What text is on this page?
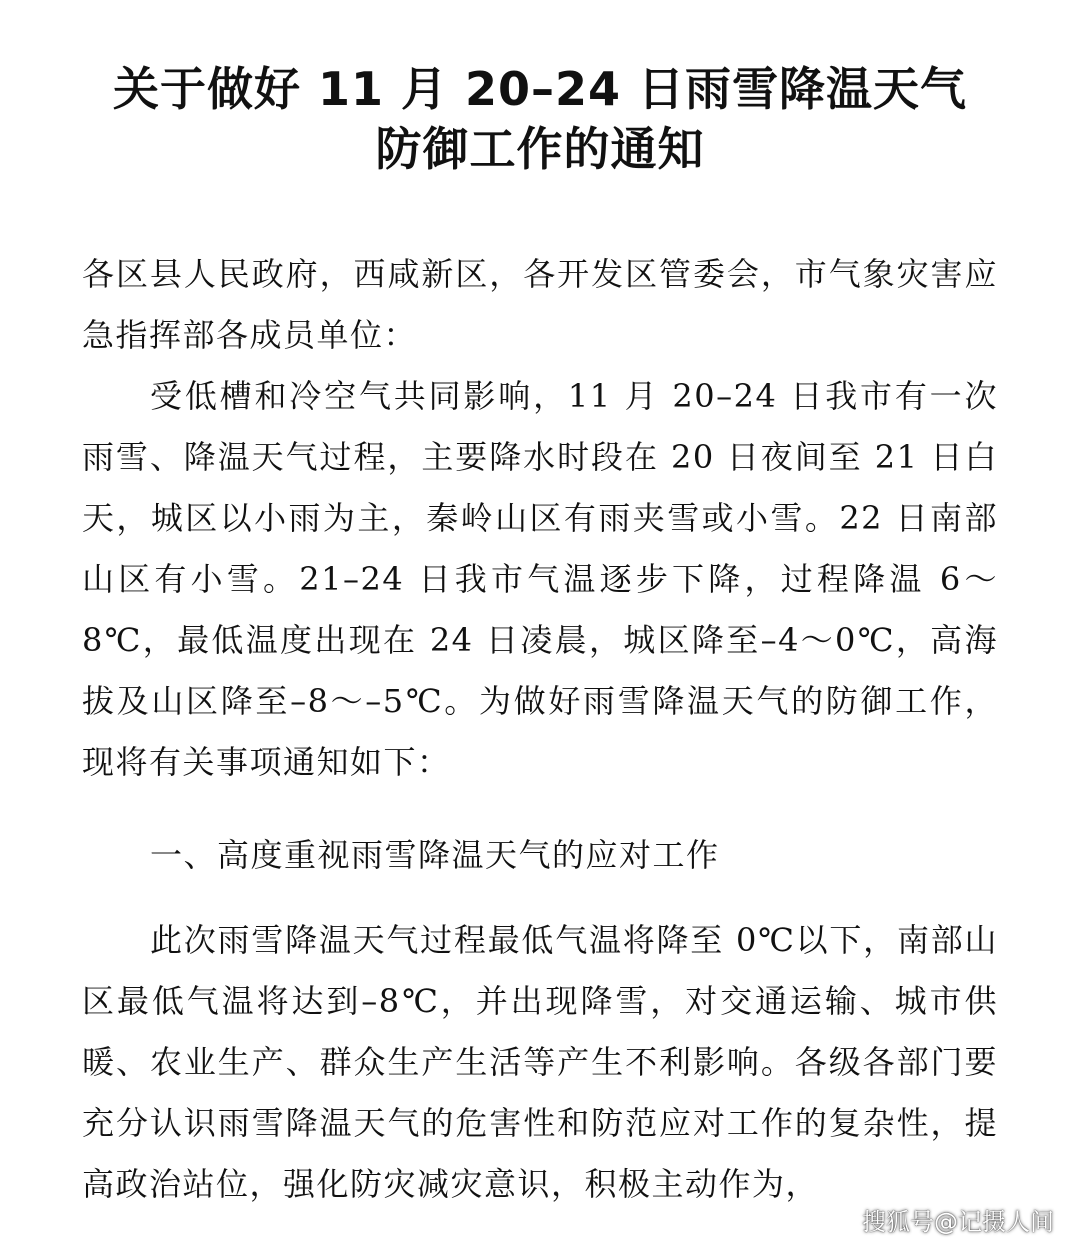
关于做好 11 月 20–24 日雨雪降温天气
防御工作的通知
各区县人民政府，西咸新区，各开发区管委会，市气象灾害应急指挥部各成员单位：
受低槽和冷空气共同影响，11 月 20–24 日我市有一次雨雪、降温天气过程，主要降水时段在 20 日夜间至 21 日白天，城区以小雨为主，秦岭山区有雨夹雪或小雪。22 日南部山区有小雪。21–24 日我市气温逐步下降，过程降温 6～8℃，最低温度出现在 24 日凌晨，城区降至–4～0℃，高海拔及山区降至–8～–5℃。为做好雨雪降温天气的防御工作，现将有关事项通知如下：
一、高度重视雨雪降温天气的应对工作
此次雨雪降温天气过程最低气温将降至 0℃以下，南部山区最低气温将达到–8℃，并出现降雪，对交通运输、城市供暖、农业生产、群众生产生活等产生不利影响。各级各部门要充分认识雨雪降温天气的危害性和防范应对工作的复杂性，提高政治站位，强化防灾减灾意识，积极主动作为，
搜狐号@记摄人间
